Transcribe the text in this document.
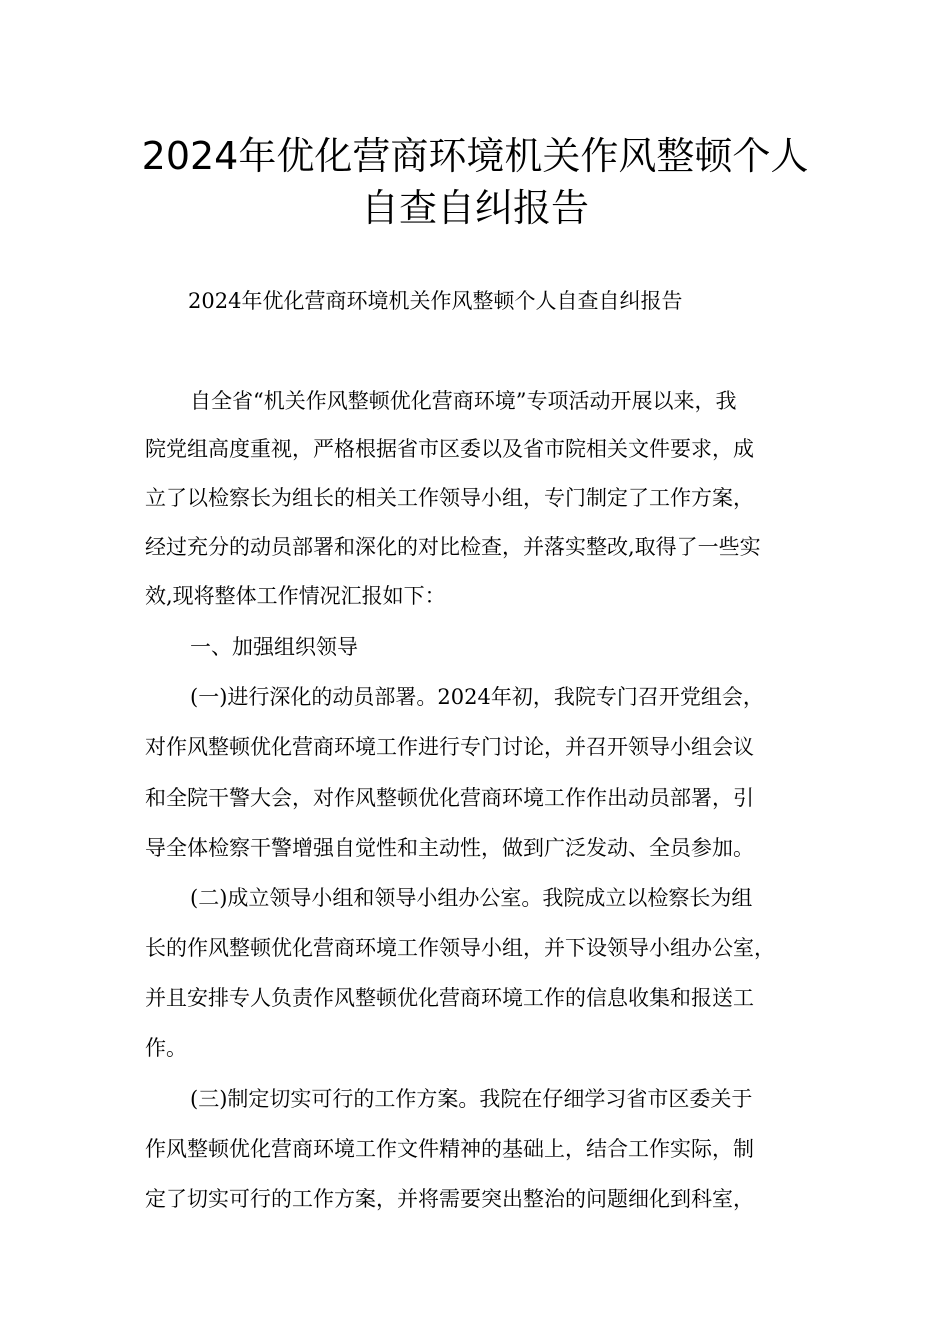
2024年优化营商环境机关作风整顿个人
自查自纠报告
2024年优化营商环境机关作风整顿个人自查自纠报告
自全省“机关作风整顿优化营商环境”专项活动开展以来，我
院党组高度重视，严格根据省市区委以及省市院相关文件要求，成
立了以检察长为组长的相关工作领导小组，专门制定了工作方案，
经过充分的动员部署和深化的对比检查，并落实整改,取得了一些实
效,现将整体工作情况汇报如下：
一、加强组织领导
(一)进行深化的动员部署。2024年初，我院专门召开党组会，
对作风整顿优化营商环境工作进行专门讨论，并召开领导小组会议
和全院干警大会，对作风整顿优化营商环境工作作出动员部署，引
导全体检察干警增强自觉性和主动性，做到广泛发动、全员参加。
(二)成立领导小组和领导小组办公室。我院成立以检察长为组
长的作风整顿优化营商环境工作领导小组，并下设领导小组办公室，
并且安排专人负责作风整顿优化营商环境工作的信息收集和报送工
作。
(三)制定切实可行的工作方案。我院在仔细学习省市区委关于
作风整顿优化营商环境工作文件精神的基础上，结合工作实际，制
定了切实可行的工作方案，并将需要突出整治的问题细化到科室，
